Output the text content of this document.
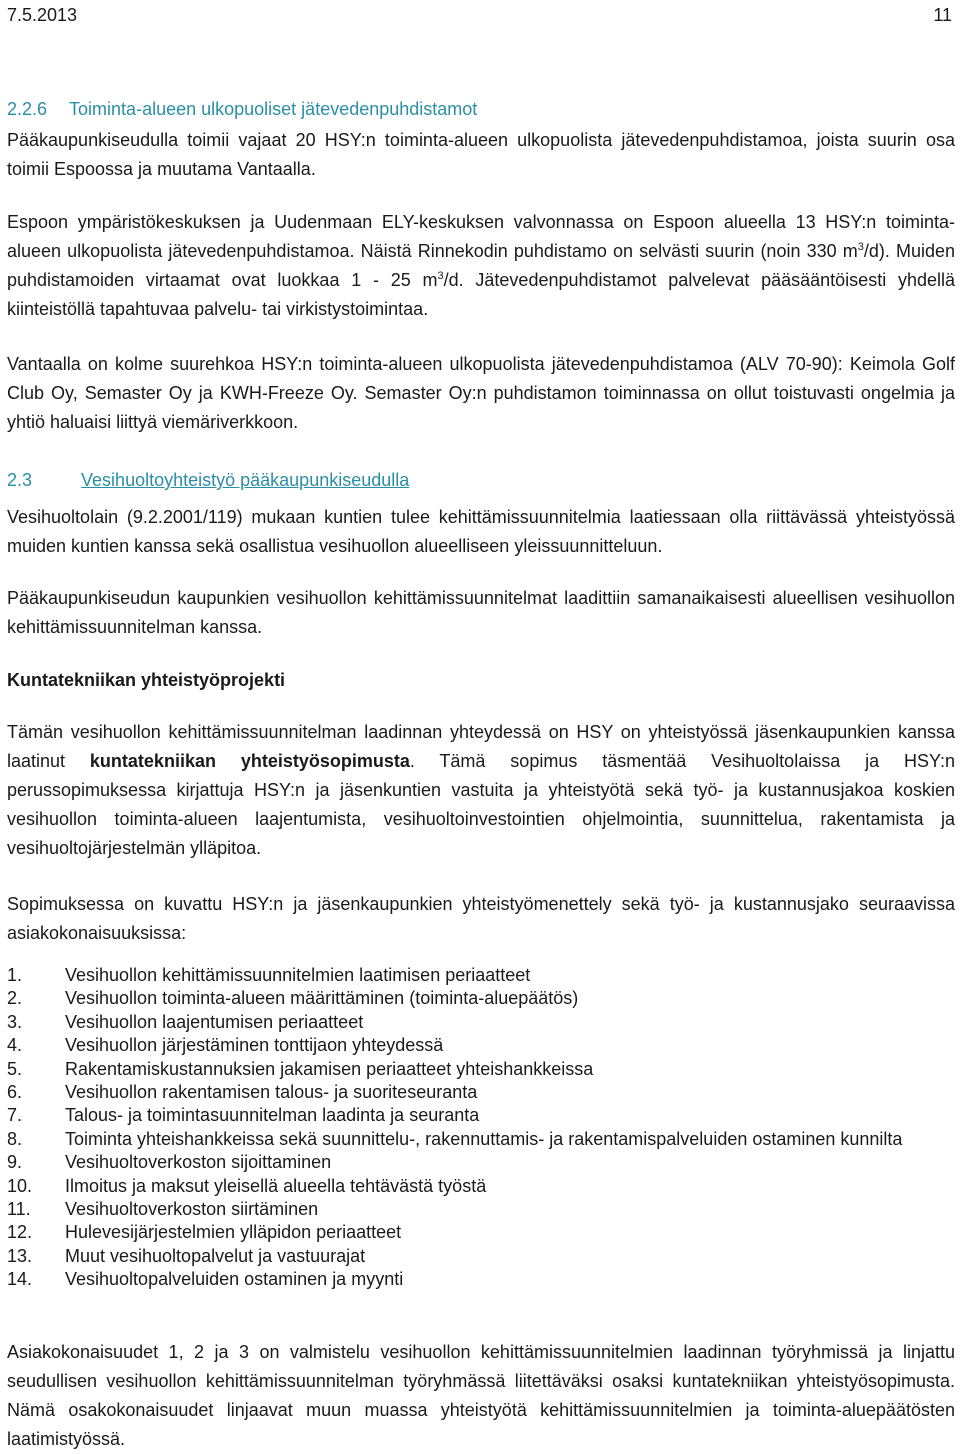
7.5.2013	11
2.2.6 Toiminta-alueen ulkopuoliset jätevedenpuhdistamot

Pääkaupunkiseudulla toimii vajaat 20 HSY:n toiminta-alueen ulkopuolista jätevedenpuhdistamoa, joista suurin osa toimii Espoossa ja muutama Vantaalla.

Espoon ympäristökeskuksen ja Uudenmaan ELY-keskuksen valvonnassa on Espoon alueella 13 HSY:n toiminta-alueen ulkopuolista jätevedenpuhdistamoa. Näistä Rinnekodin puhdistamo on selvästi suurin (noin 330 $m^3/d$). Muiden puhdistamoiden virtaamat ovat luokkaa 1 - 25 $m^3/d$. Jätevedenpuhdistamot palvelevat pääsääntöisesti yhdellä kiinteistöllä tapahtuvaa palvelu- tai virkistystoimintaa.

Vantaalla on kolme suurehkoa HSY:n toiminta-alueen ulkopuolista jätevedenpuhdistamoa (ALV 70-90): Keimola Golf Club Oy, Semaster Oy ja KWH-Freeze Oy. Semaster Oy:n puhdistamon toiminnassa on ollut toistuvasti ongelmia ja yhtiö haluaisi liittyä viemäriverkkoon.

2.3	Vesihuoltoyhteistyö pääkaupunkiseudulla

Vesihuoltolain (9.2.2001/119) mukaan kuntien tulee kehittämissuunnitelmia laatiessaan olla riittävässä yhteistyössä muiden kuntien kanssa sekä osallistua vesihuollon alueelliseen yleissuunnitteluun.

Pääkaupunkiseudun kaupunkien vesihuollon kehittämissuunnitelmat laadittiin samanaikaisesti alueellisen vesihuollon kehittämissuunnitelman kanssa.

Kuntatekniikan yhteistyöprojekti

Tämän vesihuollon kehittämissuunnitelman laadinnan yhteydessä on HSY on yhteistyössä jäsenkaupunkien kanssa laatinut kuntatekniikan yhteistyösopimusta. Tämä sopimus täsmentää Vesihuoltolaissa ja HSY:n perussopimuksessa kirjattuja HSY:n ja jäsenkuntien vastuita ja yhteistyötä sekä työ- ja kustannusjakoa koskien vesihuollon toiminta-alueen laajentumista, vesihuoltoinvestointien ohjelmointia, suunnittelua, rakentamista ja vesihuoltojärjestelmän ylläpitoa.

Sopimuksessa on kuvattu HSY:n ja jäsenkaupunkien yhteistyömenettely sekä työ- ja kustannusjako seuraavissa asiakokonaisuuksissa:

1.	Vesihuollon kehittämissuunnitelmien laatimisen periaatteet
2.	Vesihuollon toiminta-alueen määrittäminen (toiminta-aluepäätös)
3.	Vesihuollon laajentumisen periaatteet
4.	Vesihuollon järjestäminen tonttijaon yhteydessä
5.	Rakentamiskustannuksien jakamisen periaatteet yhteishankkeissa
6.	Vesihuollon rakentamisen talous- ja suoriteseuranta
7.	Talous- ja toimintasuunnitelman laadinta ja seuranta
8.	Toiminta yhteishankkeissa sekä suunnittelu-, rakennuttamis- ja rakentamispalveluiden ostaminen kunnilta
9.	Vesihuoltoverkoston sijoittaminen
10.	Ilmoitus ja maksut yleisellä alueella tehtävästä työstä
11.	Vesihuoltoverkoston siirtäminen
12.	Hulevesijärjestelmien ylläpidon periaatteet
13.	Muut vesihuoltopalvelut ja vastuurajat
14.	Vesihuoltopalveluiden ostaminen ja myynti

Asiakokonaisuudet 1, 2 ja 3 on valmistelu vesihuollon kehittämissuunnitelmien laadinnan työryhmissä ja linjattu seudullisen vesihuollon kehittämissuunnitelman työryhmässä liitettäväksi osaksi kuntatekniikan yhteistyösopimusta. Nämä osakokonaisuudet linjaavat muun muassa yhteistyötä kehittämissuunnitelmien ja toiminta-aluepäätösten laatimistyössä.
